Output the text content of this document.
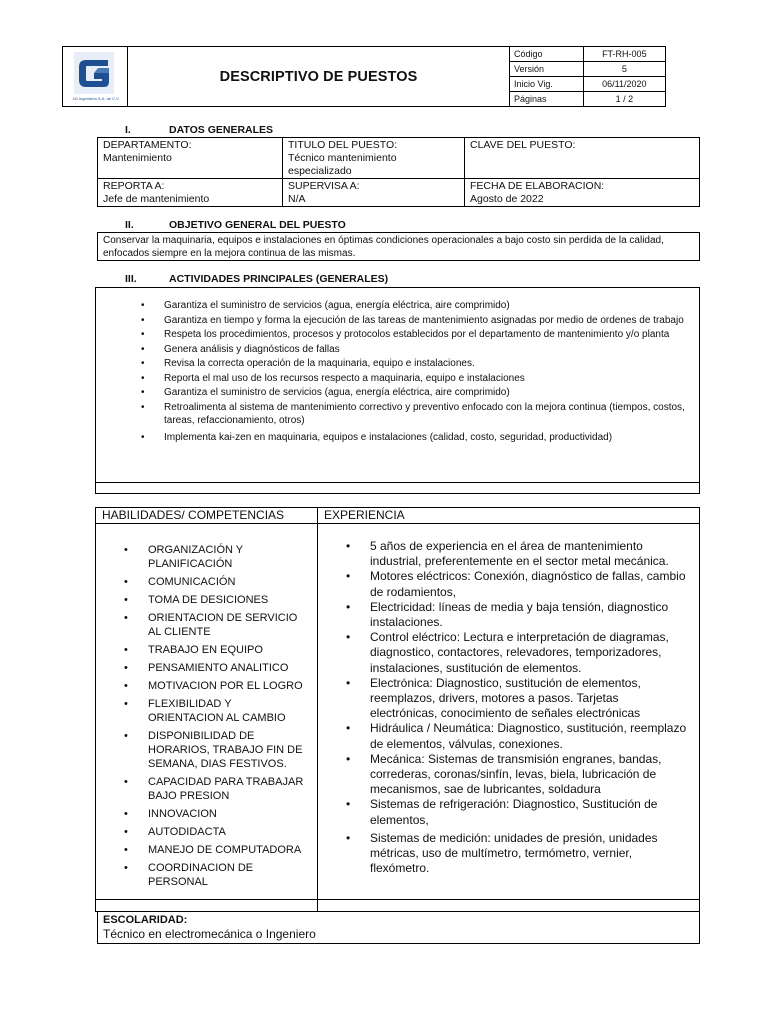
4G Ingeniería S.A. de C.V.
DESCRIPTIVO DE PUESTOS
Código	FT-RH-005
Versión	5
Inicio Vig.	06/11/2020
Páginas	1 / 2
I.	DATOS GENERALES
DEPARTAMENTO:
Mantenimiento
TITULO DEL PUESTO:
Técnico mantenimiento
especializado
CLAVE DEL PUESTO:
REPORTA A:
Jefe de mantenimiento
SUPERVISA A:
N/A
FECHA DE ELABORACION:
Agosto de 2022
II.	OBJETIVO GENERAL DEL PUESTO
Conservar la maquinaria, equipos e instalaciones en óptimas condiciones operacionales a bajo costo sin perdida de la calidad, enfocados siempre en la mejora continua de las mismas.
III.	ACTIVIDADES PRINCIPALES (GENERALES)
• Garantiza el suministro de servicios (agua, energía eléctrica, aire comprimido)
• Garantiza en tiempo y forma la ejecución de las tareas de mantenimiento asignadas por medio de ordenes de trabajo
• Respeta los procedimientos, procesos y protocolos establecidos por el departamento de mantenimiento y/o planta
• Genera análisis y diagnósticos de fallas
• Revisa la correcta operación de la maquinaria, equipo e instalaciones.
• Reporta el mal uso de los recursos respecto a maquinaria, equipo e instalaciones
• Garantiza el suministro de servicios (agua, energía eléctrica, aire comprimido)
• Retroalimenta al sistema de mantenimiento correctivo y preventivo enfocado con la mejora continua (tiempos, costos, tareas, refaccionamiento, otros)
• Implementa kai-zen en maquinaria, equipos e instalaciones (calidad, costo, seguridad, productividad)
HABILIDADES/ COMPETENCIAS	EXPERIENCIA
• ORGANIZACIÓN Y PLANIFICACIÓN
• COMUNICACIÓN
• TOMA DE DESICIONES
• ORIENTACION DE SERVICIO AL CLIENTE
• TRABAJO EN EQUIPO
• PENSAMIENTO ANALITICO
• MOTIVACION POR EL LOGRO
• FLEXIBILIDAD Y ORIENTACION AL CAMBIO
• DISPONIBILIDAD DE HORARIOS, TRABAJO FIN DE SEMANA, DIAS FESTIVOS.
• CAPACIDAD PARA TRABAJAR BAJO PRESION
• INNOVACION
• AUTODIDACTA
• MANEJO DE COMPUTADORA
• COORDINACION DE PERSONAL
• 5 años de experiencia en el área de mantenimiento industrial, preferentemente en el sector metal mecánica.
• Motores eléctricos: Conexión, diagnóstico de fallas, cambio de rodamientos,
• Electricidad: líneas de media y baja tensión, diagnostico instalaciones.
• Control eléctrico: Lectura e interpretación de diagramas, diagnostico, contactores, relevadores, temporizadores, instalaciones, sustitución de elementos.
• Electrónica: Diagnostico, sustitución de elementos, reemplazos, drivers, motores a pasos. Tarjetas electrónicas, conocimiento de señales electrónicas
• Hidráulica / Neumática: Diagnostico, sustitución, reemplazo de elementos, válvulas, conexiones.
• Mecánica: Sistemas de transmisión engranes, bandas, correderas, coronas/sinfín, levas, biela, lubricación de mecanismos, sae de lubricantes, soldadura
• Sistemas de refrigeración: Diagnostico, Sustitución de elementos,
• Sistemas de medición: unidades de presión, unidades métricas, uso de multímetro, termómetro, vernier, flexómetro.
ESCOLARIDAD:
Técnico en electromecánica o Ingeniero
